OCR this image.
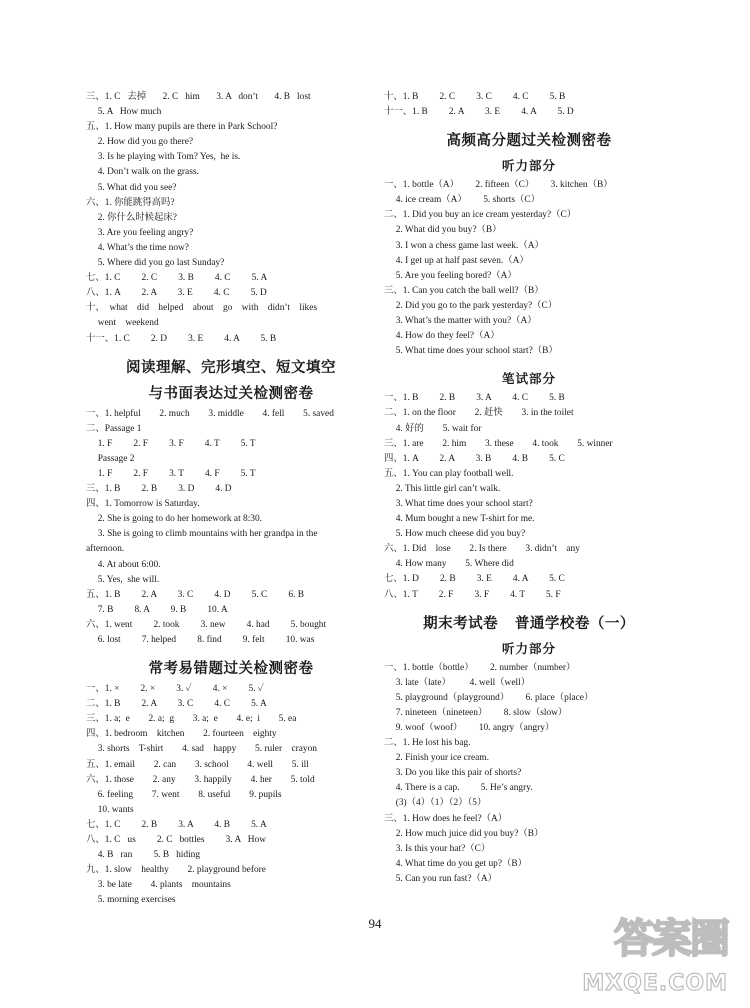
三、1. C   去掉       2. C   him       3. A   don’t       4. B   lost
5. A   How much
五、1. How many pupils are there in Park School?
2. How did you go there?
3. Is he playing with Tom? Yes,  he is.
4. Don’t walk on the grass.
5. What did you see?
六、1. 你能跳得高吗?
2. 你什么时候起床?
3. Are you feeling angry?
4. What’s the time now?
5. Where did you go last Sunday?
七、1. C         2. C         3. B         4. C         5. A
八、1. A         2. A         3. E         4. C         5. D
十、  what    did    helped    about    go    with    didn’t    likes
went    weekend
十一、1. C         2. D         3. E         4. A         5. B
阅读理解、完形填空、短文填空
与书面表达过关检测密卷
一、1. helpful        2. much        3. middle        4. fell        5. saved
二、Passage 1
1. F         2. F         3. F         4. T         5. T
Passage 2
1. F         2. F         3. T         4. F         5. T
三、1. B         2. B         3. D         4. D
四、1. Tomorrow is Saturday.
2. She is going to do her homework at 8:30.
3. She is going to climb mountains with her grandpa in the
afternoon.
4. At about 6:00.
5. Yes,  she will.
五、1. B         2. A         3. C         4. D         5. C         6. B
7. B         8. A         9. B         10. A
六、1. went         2. took         3. new         4. had         5. bought
6. lost         7. helped         8. find         9. felt         10. was
常考易错题过关检测密卷
一、1. ×         2. ×         3. ✓         4. ×         5. ✓
二、1. B         2. A         3. C         4. C         5. A
三、1. a;  e        2. a;  g        3. a;  e        4. e;  i        5. ea
四、1. bedroom    kitchen        2. fourteen    eighty
3. shorts    T-shirt        4. sad    happy        5. ruler    crayon
五、1. email        2. can        3. school        4. well        5. ill
六、1. those        2. any        3. happily        4. her        5. told
6. feeling        7. went        8. useful        9. pupils
10. wants
七、1. C         2. B         3. A         4. B         5. A
八、1. C   us         2. C   bottles         3. A   How
4. B   ran         5. B   hiding
九、1. slow    healthy        2. playground before
3. be late        4. plants    mountains
5. morning exercises
十、1. B         2. C         3. C         4. C         5. B
十一、1. B         2. A         3. E         4. A         5. D
高频高分题过关检测密卷
听力部分
一、1. bottle（A）       2. fifteen（C）       3. kitchen（B）
4. ice cream（A）       5. shorts（C）
二、1. Did you buy an ice cream yesterday?（C）
2. What did you buy?（B）
3. I won a chess game last week.（A）
4. I get up at half past seven.（A）
5. Are you feeling bored?（A）
三、1. Can you catch the ball well?（B）
2. Did you go to the park yesterday?（C）
3. What’s the matter with you?（A）
4. How do they feel?（A）
5. What time does your school start?（B）
笔试部分
一、1. B         2. B         3. A         4. C         5. B
二、1. on the floor        2. 赶快        3. in the toilet
4. 好的        5. wait for
三、1. are        2. him        3. these        4. took        5. winner
四、1. A         2. A         3. B         4. B         5. C
五、1. You can play football well.
2. This little girl can’t walk.
3. What time does your school start?
4. Mum bought a new T-shirt for me.
5. How much cheese did you buy?
六、1. Did    lose        2. Is there        3. didn’t    any
4. How many        5. Where did
七、1. D         2. B         3. E         4. A         5. C
八、1. T         2. F         3. F         4. T         5. F
期末考试卷   普通学校卷（一）
听力部分
一、1. bottle（bottle）       2. number（number）
3. late（late）        4. well（well）
5. playground（playground）       6. place（place）
7. nineteen（nineteen）       8. slow（slow）
9. woof（woof）       10. angry（angry）
二、1. He lost his bag.
2. Finish your ice cream.
3. Do you like this pair of shorts?
4. There is a cap.         5. He’s angry.
(3)（4）（1）（2）（5）
三、1. How does he feel?（A）
2. How much juice did you buy?（B）
3. Is this your hat?（C）
4. What time do you get up?（B）
5. Can you run fast?（A）
94	答案圈
MXQE.COM
